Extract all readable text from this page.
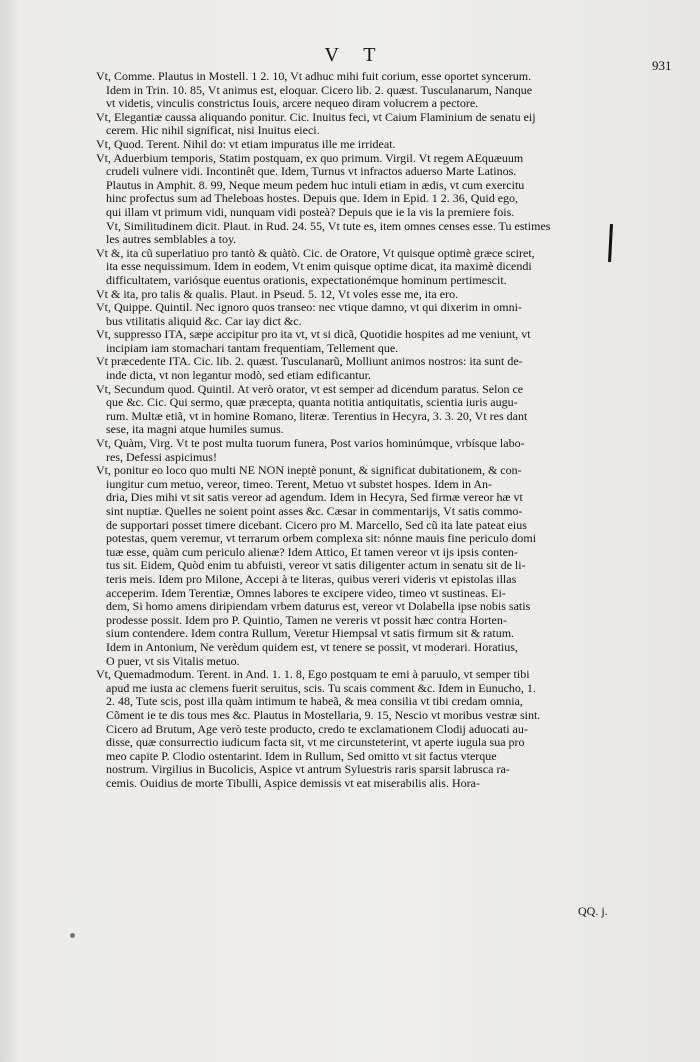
V T	931
Vt, Comme. Plautus in Mostell. 1 2. 10, Vt adhuc mihi fuit corium, esse oportet syncerum.
Idem in Trin. 10. 85, Vt animus est, eloquar. Cicero lib. 2. quæst. Tusculanarum, Nanque
vt videtis, vinculis constrictus Iouis, arcere nequeo diram volucrem a pectore.
Vt, Elegantiæ caussa aliquando ponitur. Cic. Inuitus feci, vt Caium Flaminium de senatu eij
cerem. Hic nihil significat, nisi Inuitus eieci.
Vt, Quod. Terent. Nihil do: vt etiam impuratus ille me irrideat.
Vt, Aduerbium temporis, Statim postquam, ex quo primum. Virgil. Vt regem AEquæuum
crudeli vulnere vidi. Incontinêt que. Idem, Turnus vt infractos aduerso Marte Latinos.
Plautus in Amphit. 8. 99, Neque meum pedem huc intuli etiam in ædis, vt cum exercitu
hinc profectus sum ad Theleboas hostes. Depuis que. Idem in Epid. 1 2. 36, Quid ego,
qui illam vt primum vidi, nunquam vidi posteà? Depuis que ie la vis la premiere fois.
Vt, Similitudinem dicit. Plaut. in Rud. 24. 55, Vt tute es, item omnes censes esse. Tu estimes
les autres semblables a toy.
Vt &, ita cũ superlatiuo pro tantò & quàtò. Cic. de Oratore, Vt quisque optimè græce sciret,
ita esse nequissimum. Idem in eodem, Vt enim quisque optime dicat, ita maximè dicendi
difficultatem, variósque euentus orationis, expectationémque hominum pertimescit.
Vt & ita, pro talis & qualis. Plaut. in Pseud. 5. 12, Vt voles esse me, ita ero.
Vt, Quippe. Quintil. Nec ignoro quos transeo: nec vtique damno, vt qui dixerim in omni-
bus vtilitatis aliquid &c. Car iay dict &c.
Vt, suppresso ITA, sæpe accipitur pro ita vt, vt si dicã, Quotidie hospites ad me veniunt, vt
incipiam iam stomachari tantam frequentiam, Tellement que.
Vt præcedente ITA. Cic. lib. 2. quæst. Tusculanarũ, Molliunt animos nostros: ita sunt de-
inde dicta, vt non legantur modò, sed etiam edificantur.
Vt, Secundum quod. Quintil. At verò orator, vt est semper ad dicendum paratus. Selon ce
que &c. Cic. Qui sermo, quæ præcepta, quanta notitia antiquitatis, scientia iuris augu-
rum. Multæ etiã, vt in homine Romano, literæ. Terentius in Hecyra, 3. 3. 20, Vt res dant
sese, ita magni atque humiles sumus.
Vt, Quàm, Virg. Vt te post multa tuorum funera, Post varios hominúmque, vrbísque labo-
res, Defessi aspicimus!
Vt, ponitur eo loco quo multi NE NON ineptè ponunt, & significat dubitationem, & con-
iungitur cum metuo, vereor, timeo. Terent, Metuo vt substet hospes. Idem in An-
dria, Dies mihi vt sit satis vereor ad agendum. Idem in Hecyra, Sed firmæ vereor hæ vt
sint nuptiæ. Quelles ne soient point asses &c. Cæsar in commentarijs, Vt satis commo-
de supportari posset timere dicebant. Cicero pro M. Marcello, Sed cũ ita late pateat eius
potestas, quem veremur, vt terrarum orbem complexa sit: nónne mauis fine periculo domi
tuæ esse, quàm cum periculo alienæ? Idem Attico, Et tamen vereor vt ijs ipsis conten-
tus sit. Eidem, Quòd enim tu abfuisti, vereor vt satis diligenter actum in senatu sit de li-
teris meis. Idem pro Milone, Accepi à te literas, quibus vereri videris vt epistolas illas
acceperim. Idem Terentiæ, Omnes labores te excipere video, timeo vt sustineas. Ei-
dem, Si homo amens diripiendam vrbem daturus est, vereor vt Dolabella ipse nobis satis
prodesse possit. Idem pro P. Quintio, Tamen ne vereris vt possit hæc contra Horten-
sium contendere. Idem contra Rullum, Veretur Hiempsal vt satis firmum sit & ratum.
Idem in Antonium, Ne verèdum quidem est, vt tenere se possit, vt moderari. Horatius,
O puer, vt sis Vitalis metuo.
Vt, Quemadmodum. Terent. in And. 1. 1. 8, Ego postquam te emi à paruulo, vt semper tibi
apud me iusta ac clemens fuerit seruitus, scis. Tu scais comment &c. Idem in Eunucho, 1.
2. 48, Tute scis, post illa quàm intimum te habeã, & mea consilia vt tibi credam omnia,
Cõment ie te dis tous mes &c. Plautus in Mostellaria, 9. 15, Nescio vt moribus vestræ sint.
Cicero ad Brutum, Age verò teste producto, credo te exclamationem Clodij aduocati au-
disse, quæ consurrectio iudicum facta sit, vt me circunsteterint, vt aperte iugula sua pro
meo capite P. Clodio ostentarint. Idem in Rullum, Sed omitto vt sit factus vterque
nostrum. Virgilius in Bucolicis, Aspice vt antrum Syluestris raris sparsit labrusca ra-
cemis. Ouidius de morte Tibulli, Aspice demissis vt eat miserabilis alis. Hora-
QQ. j.
